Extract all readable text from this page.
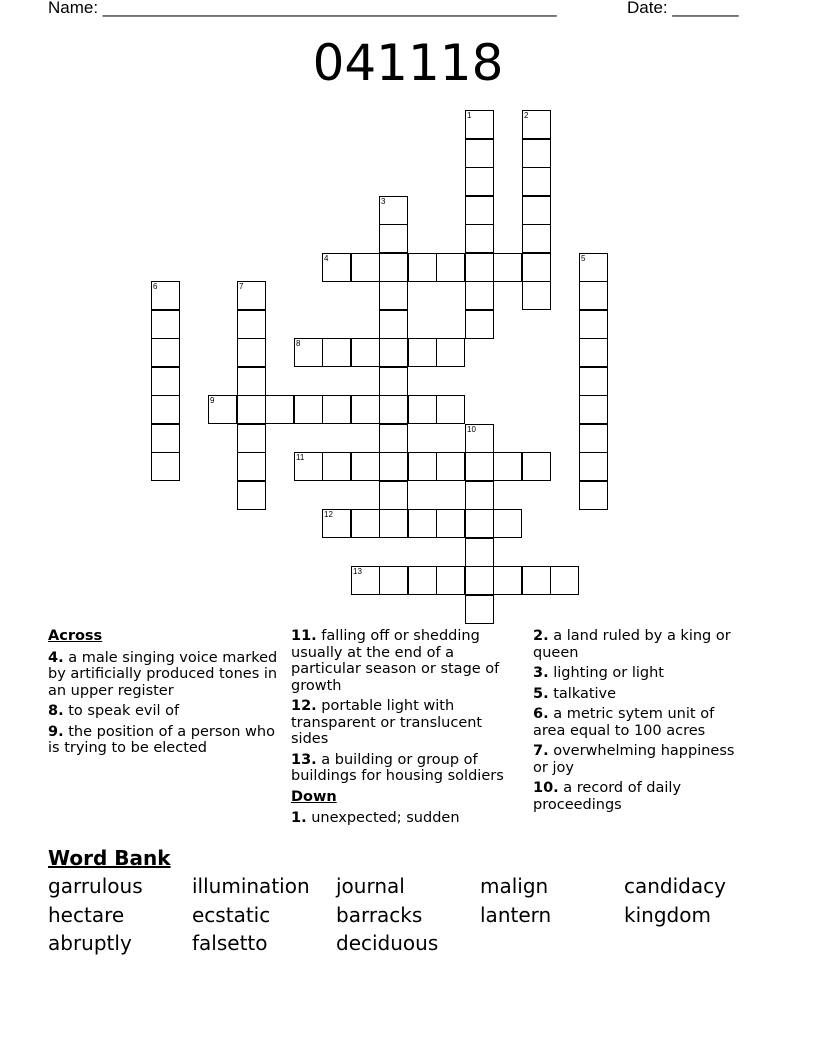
Name: ________________________________________________	Date: _______
041118
1	2
3
4	5
6	7
8
9
10
11
12
13
Across
4. a male singing voice marked by artificially produced tones in an upper register
8. to speak evil of
9. the position of a person who is trying to be elected
11. falling off or shedding usually at the end of a particular season or stage of growth
12. portable light with transparent or translucent sides
13. a building or group of buildings for housing soldiers
Down
1. unexpected; sudden
2. a land ruled by a king or queen
3. lighting or light
5. talkative
6. a metric sytem unit of area equal to 100 acres
7. overwhelming happiness or joy
10. a record of daily proceedings
Word Bank
garrulous illumination journal	malign	candidacy
hectare	ecstatic	barracks	lantern	kingdom
abruptly	falsetto	deciduous
